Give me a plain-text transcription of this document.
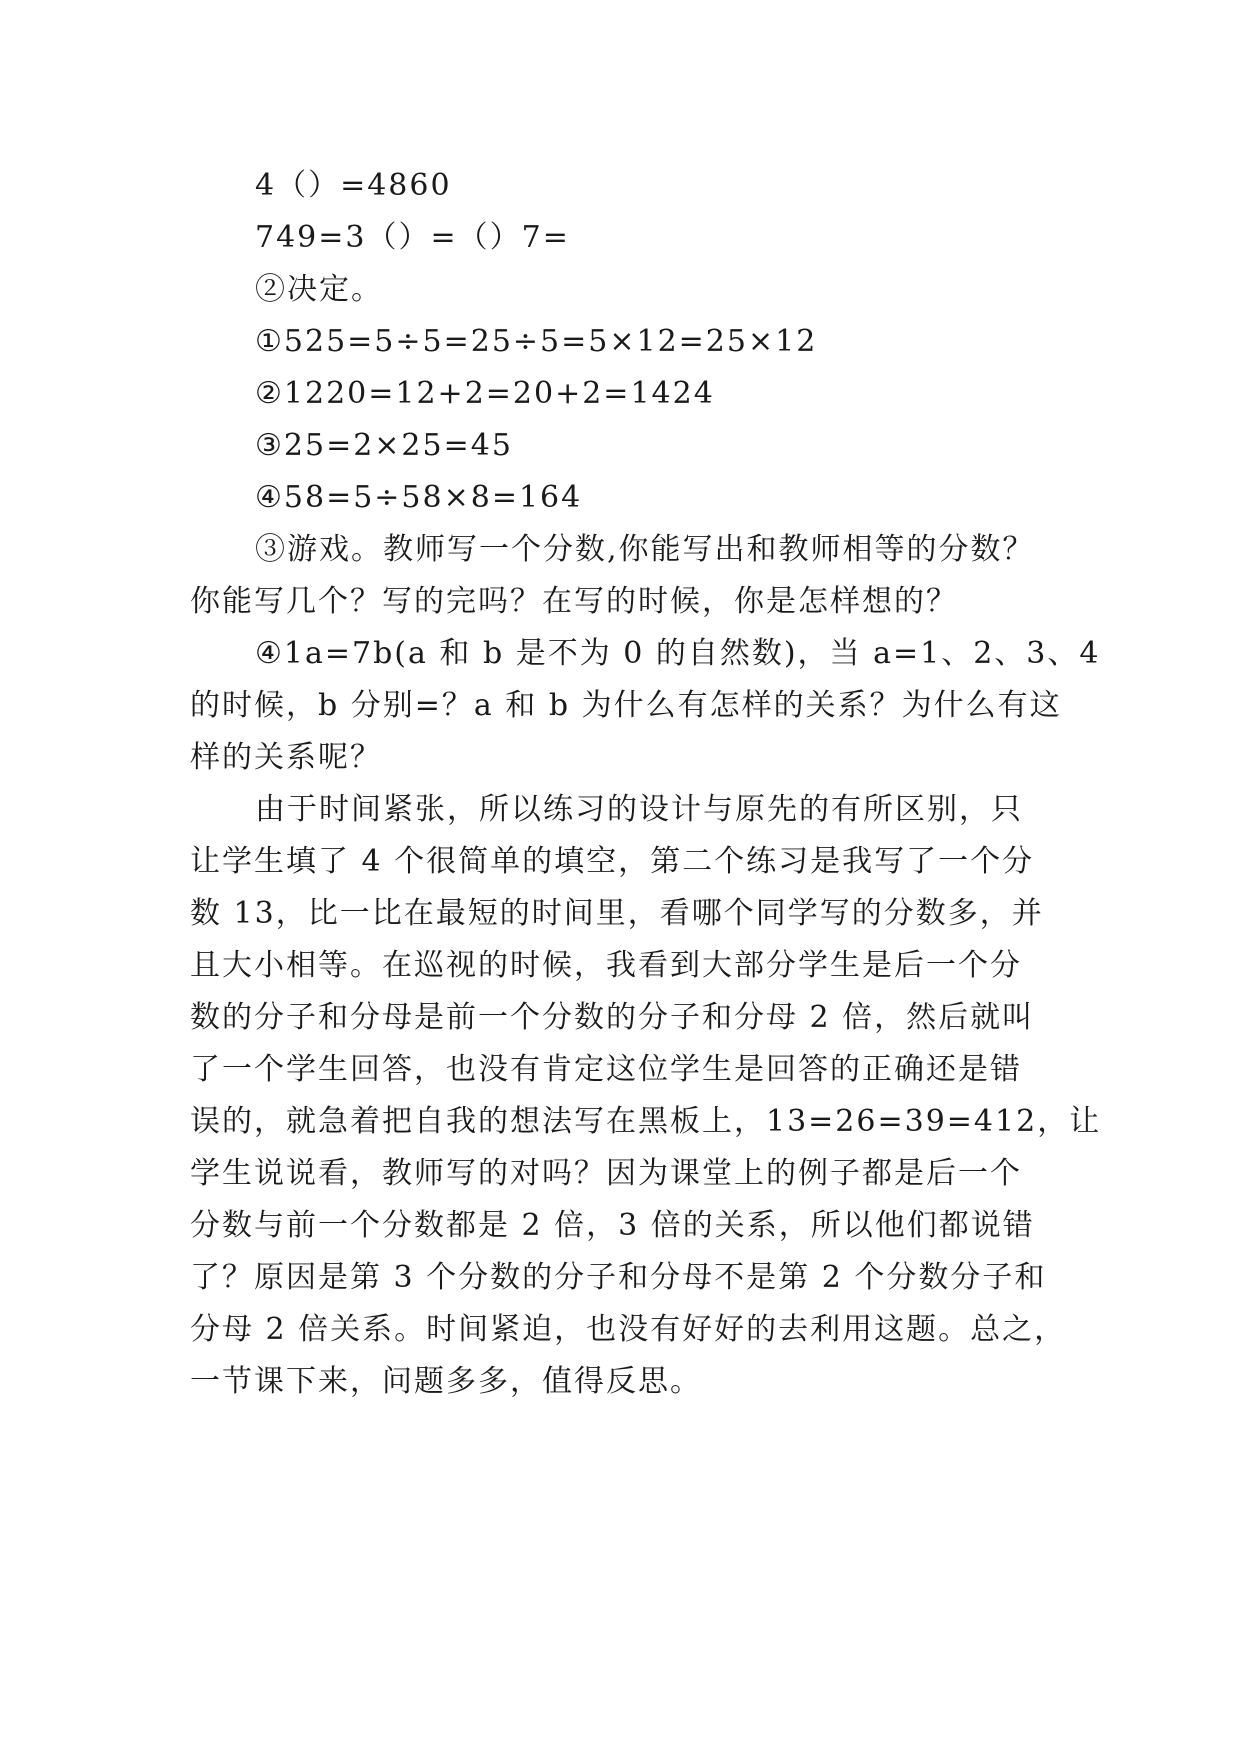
4（）=4860
749=3（）=（）7=
②决定。
①525=5÷5=25÷5=5×12=25×12
②1220=12+2=20+2=1424
③25=2×25=45
④58=5÷58×8=164
③游戏。教师写一个分数,你能写出和教师相等的分数？
你能写几个？写的完吗？在写的时候，你是怎样想的？
④1a=7b(a 和 b 是不为 0 的自然数)，当 a=1、2、3、4
的时候，b 分别=？a 和 b 为什么有怎样的关系？为什么有这
样的关系呢？
由于时间紧张，所以练习的设计与原先的有所区别，只
让学生填了 4 个很简单的填空，第二个练习是我写了一个分
数 13，比一比在最短的时间里，看哪个同学写的分数多，并
且大小相等。在巡视的时候，我看到大部分学生是后一个分
数的分子和分母是前一个分数的分子和分母 2 倍，然后就叫
了一个学生回答，也没有肯定这位学生是回答的正确还是错
误的，就急着把自我的想法写在黑板上，13=26=39=412，让
学生说说看，教师写的对吗？因为课堂上的例子都是后一个
分数与前一个分数都是 2 倍，3 倍的关系，所以他们都说错
了？原因是第 3 个分数的分子和分母不是第 2 个分数分子和
分母 2 倍关系。时间紧迫，也没有好好的去利用这题。总之，
一节课下来，问题多多，值得反思。
